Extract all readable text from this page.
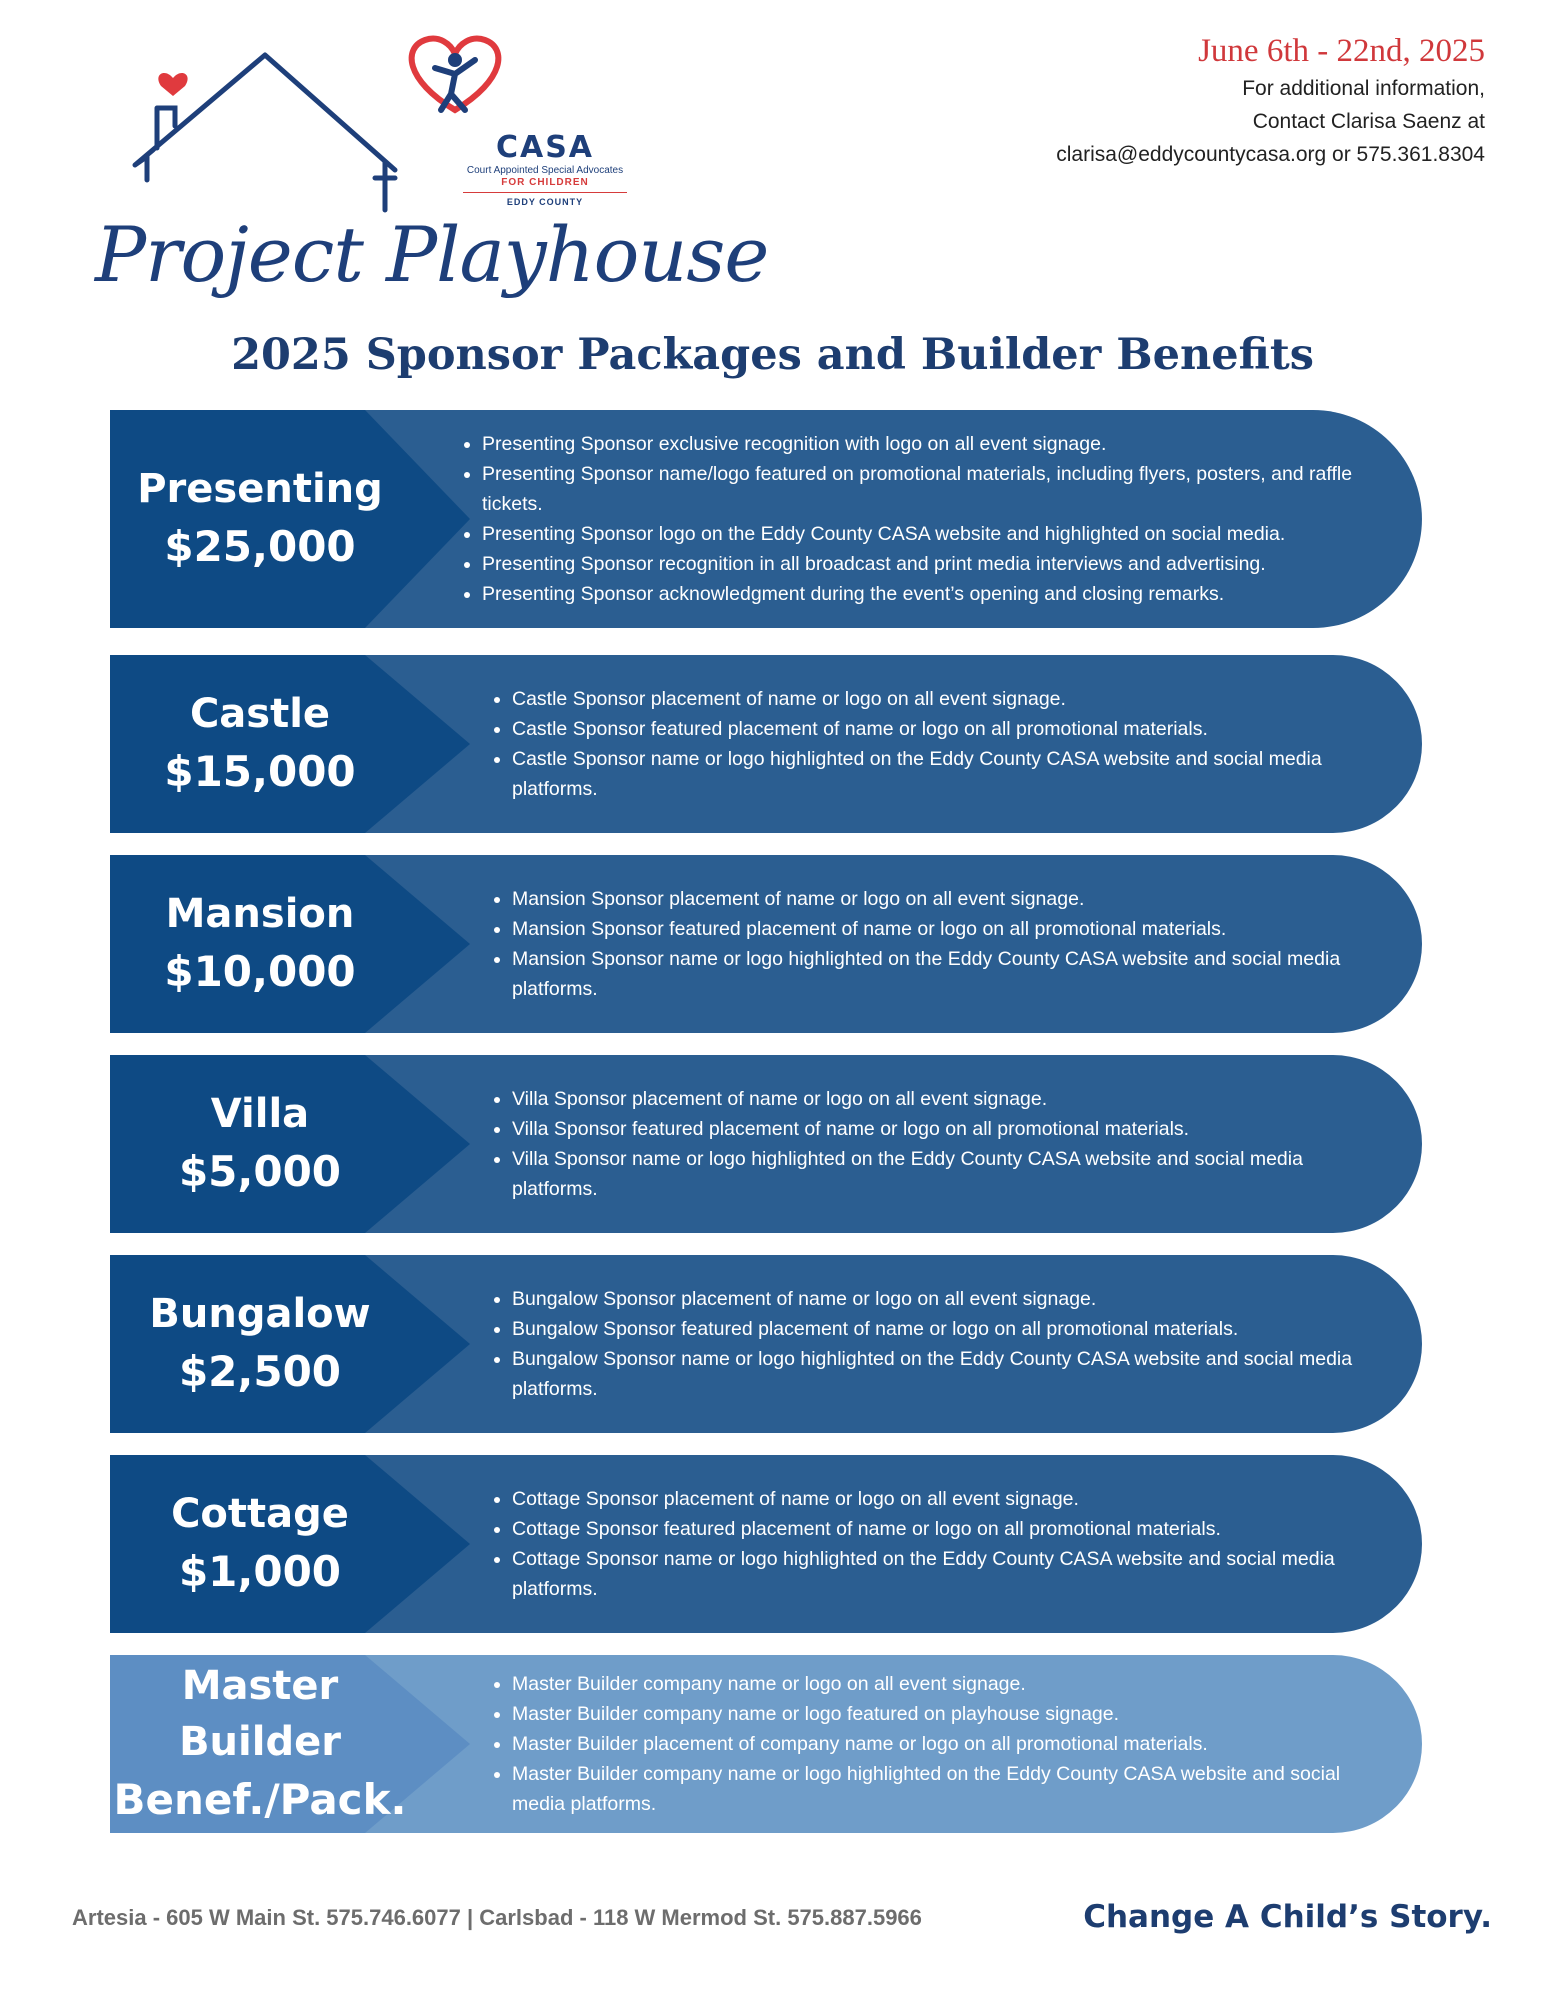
CASA
Court Appointed Special Advocates
FOR CHILDREN
EDDY COUNTY
Project Playhouse
June 6th - 22nd, 2025
For additional information,
Contact Clarisa Saenz at
clarisa@eddycountycasa.org or 575.361.8304
2025 Sponsor Packages and Builder Benefits
Presenting
$25,000
• Presenting Sponsor exclusive recognition with logo on all event signage.
• Presenting Sponsor name/logo featured on promotional materials, including flyers, posters, and raffle tickets.
• Presenting Sponsor logo on the Eddy County CASA website and highlighted on social media.
• Presenting Sponsor recognition in all broadcast and print media interviews and advertising.
• Presenting Sponsor acknowledgment during the event’s opening and closing remarks.
Castle
$15,000
• Castle Sponsor placement of name or logo on all event signage.
• Castle Sponsor featured placement of name or logo on all promotional materials.
• Castle Sponsor name or logo highlighted on the Eddy County CASA website and social media platforms.
Mansion
$10,000
• Mansion Sponsor placement of name or logo on all event signage.
• Mansion Sponsor featured placement of name or logo on all promotional materials.
• Mansion Sponsor name or logo highlighted on the Eddy County CASA website and social media platforms.
Villa
$5,000
• Villa Sponsor placement of name or logo on all event signage.
• Villa Sponsor featured placement of name or logo on all promotional materials.
• Villa Sponsor name or logo highlighted on the Eddy County CASA website and social media platforms.
Bungalow
$2,500
• Bungalow Sponsor placement of name or logo on all event signage.
• Bungalow Sponsor featured placement of name or logo on all promotional materials.
• Bungalow Sponsor name or logo highlighted on the Eddy County CASA website and social media platforms.
Cottage
$1,000
• Cottage Sponsor placement of name or logo on all event signage.
• Cottage Sponsor featured placement of name or logo on all promotional materials.
• Cottage Sponsor name or logo highlighted on the Eddy County CASA website and social media platforms.
Master Builder
Benef./Pack.
• Master Builder company name or logo on all event signage.
• Master Builder company name or logo featured on playhouse signage.
• Master Builder placement of company name or logo on all promotional materials.
• Master Builder company name or logo highlighted on the Eddy County CASA website and social media platforms.
Artesia - 605 W Main St. 575.746.6077 | Carlsbad - 118 W Mermod St. 575.887.5966	Change A Child’s Story.
